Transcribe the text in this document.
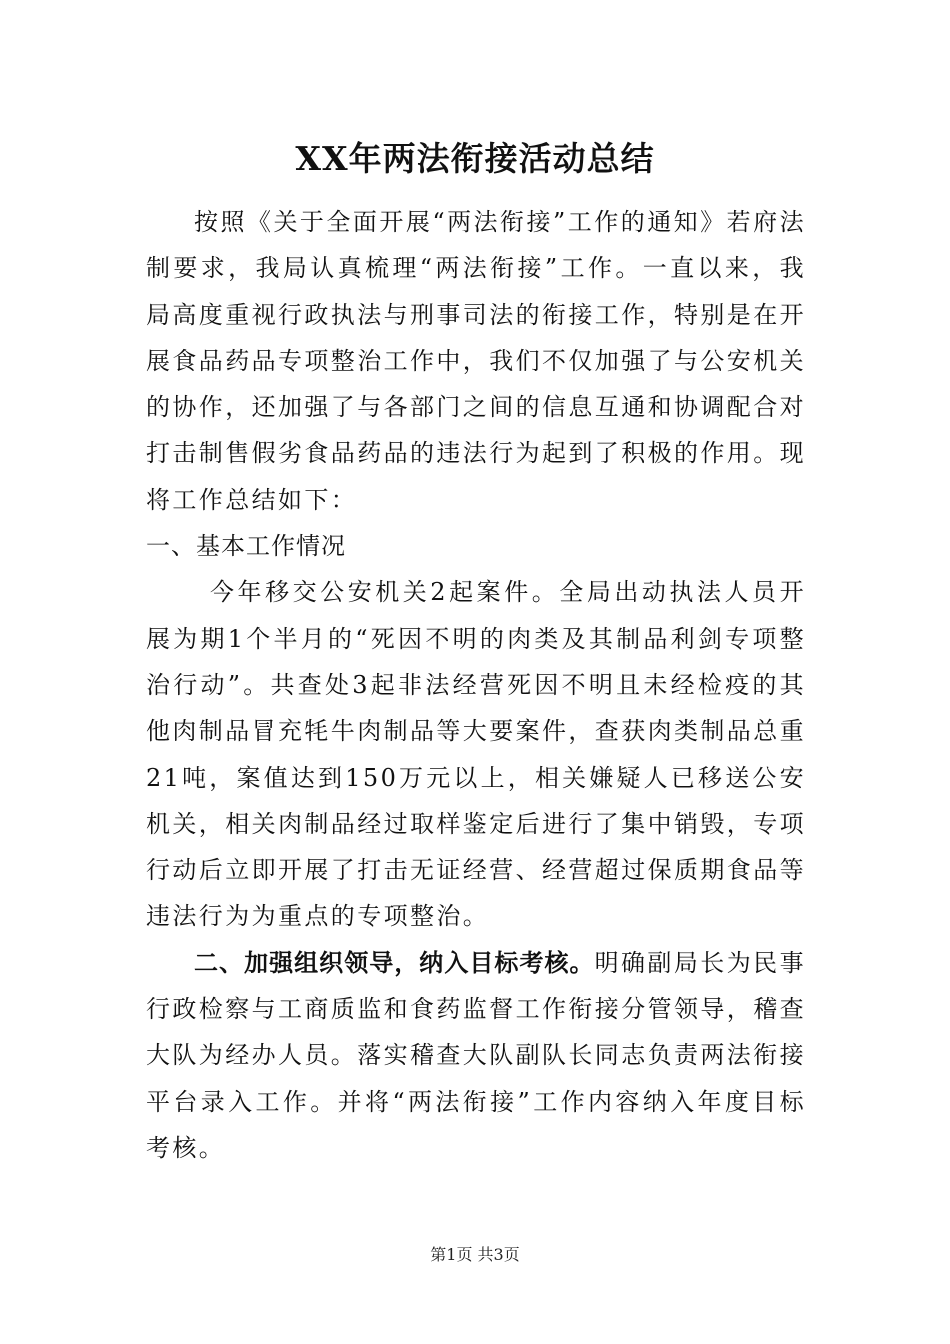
XX年两法衔接活动总结

按照《关于全面开展“两法衔接”工作的通知》若府法制要求，我局认真梳理“两法衔接”工作。一直以来，我局高度重视行政执法与刑事司法的衔接工作，特别是在开展食品药品专项整治工作中，我们不仅加强了与公安机关的协作，还加强了与各部门之间的信息互通和协调配合对打击制售假劣食品药品的违法行为起到了积极的作用。现将工作总结如下：

一、基本工作情况

今年移交公安机关2起案件。全局出动执法人员开展为期1个半月的“死因不明的肉类及其制品利剑专项整治行动”。共查处3起非法经营死因不明且未经检疫的其他肉制品冒充牦牛肉制品等大要案件，查获肉类制品总重21吨，案值达到150万元以上，相关嫌疑人已移送公安机关，相关肉制品经过取样鉴定后进行了集中销毁，专项行动后立即开展了打击无证经营、经营超过保质期食品等违法行为为重点的专项整治。

二、加强组织领导，纳入目标考核。明确副局长为民事行政检察与工商质监和食药监督工作衔接分管领导，稽查大队为经办人员。落实稽查大队副队长同志负责两法衔接平台录入工作。并将“两法衔接”工作内容纳入年度目标考核。

第1页 共3页
